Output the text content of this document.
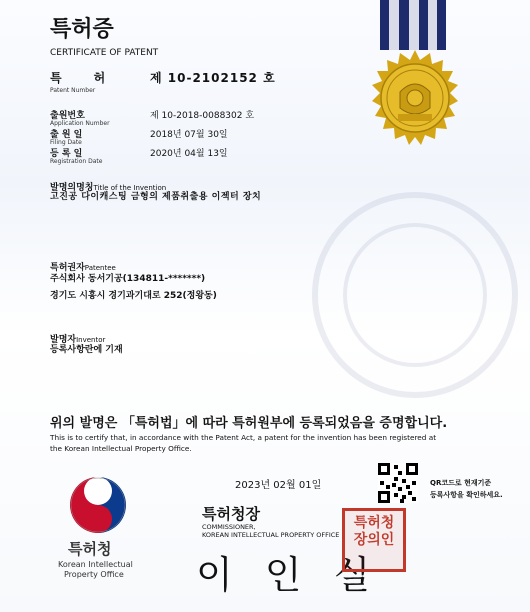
특허증
CERTIFICATE OF PATENT
특      허
Patent Number
제 10-2102152 호
출원번호
Application Number
제 10-2018-0088302 호
출 원 일
Filing Date
2018년 07월 30일
등 록 일
Registration Date
2020년 04월 13일
발명의명칭Title of the Invention
고진공 다이캐스팅 금형의 제품취출용 이젝터 장치
특허권자Patentee
주식회사 동서기공(134811-*******)
경기도 시흥시 경기과기대로 252(정왕동)
발명자Inventor
등록사항란에 기재
위의 발명은 「특허법」에 따라 특허원부에 등록되었음을 증명합니다.
This is to certify that, in accordance with the Patent Act, a patent for the invention has been registered at
the Korean Intellectual Property Office.
2023년 02월 01일	QR코드로 현재기준
등록사항을 확인하세요.
특허청
Korean Intellectual
Property Office
특허청장
COMMISSIONER,
KOREAN INTELLECTUAL PROPERTY OFFICE
이 인 실
특허청장의인
